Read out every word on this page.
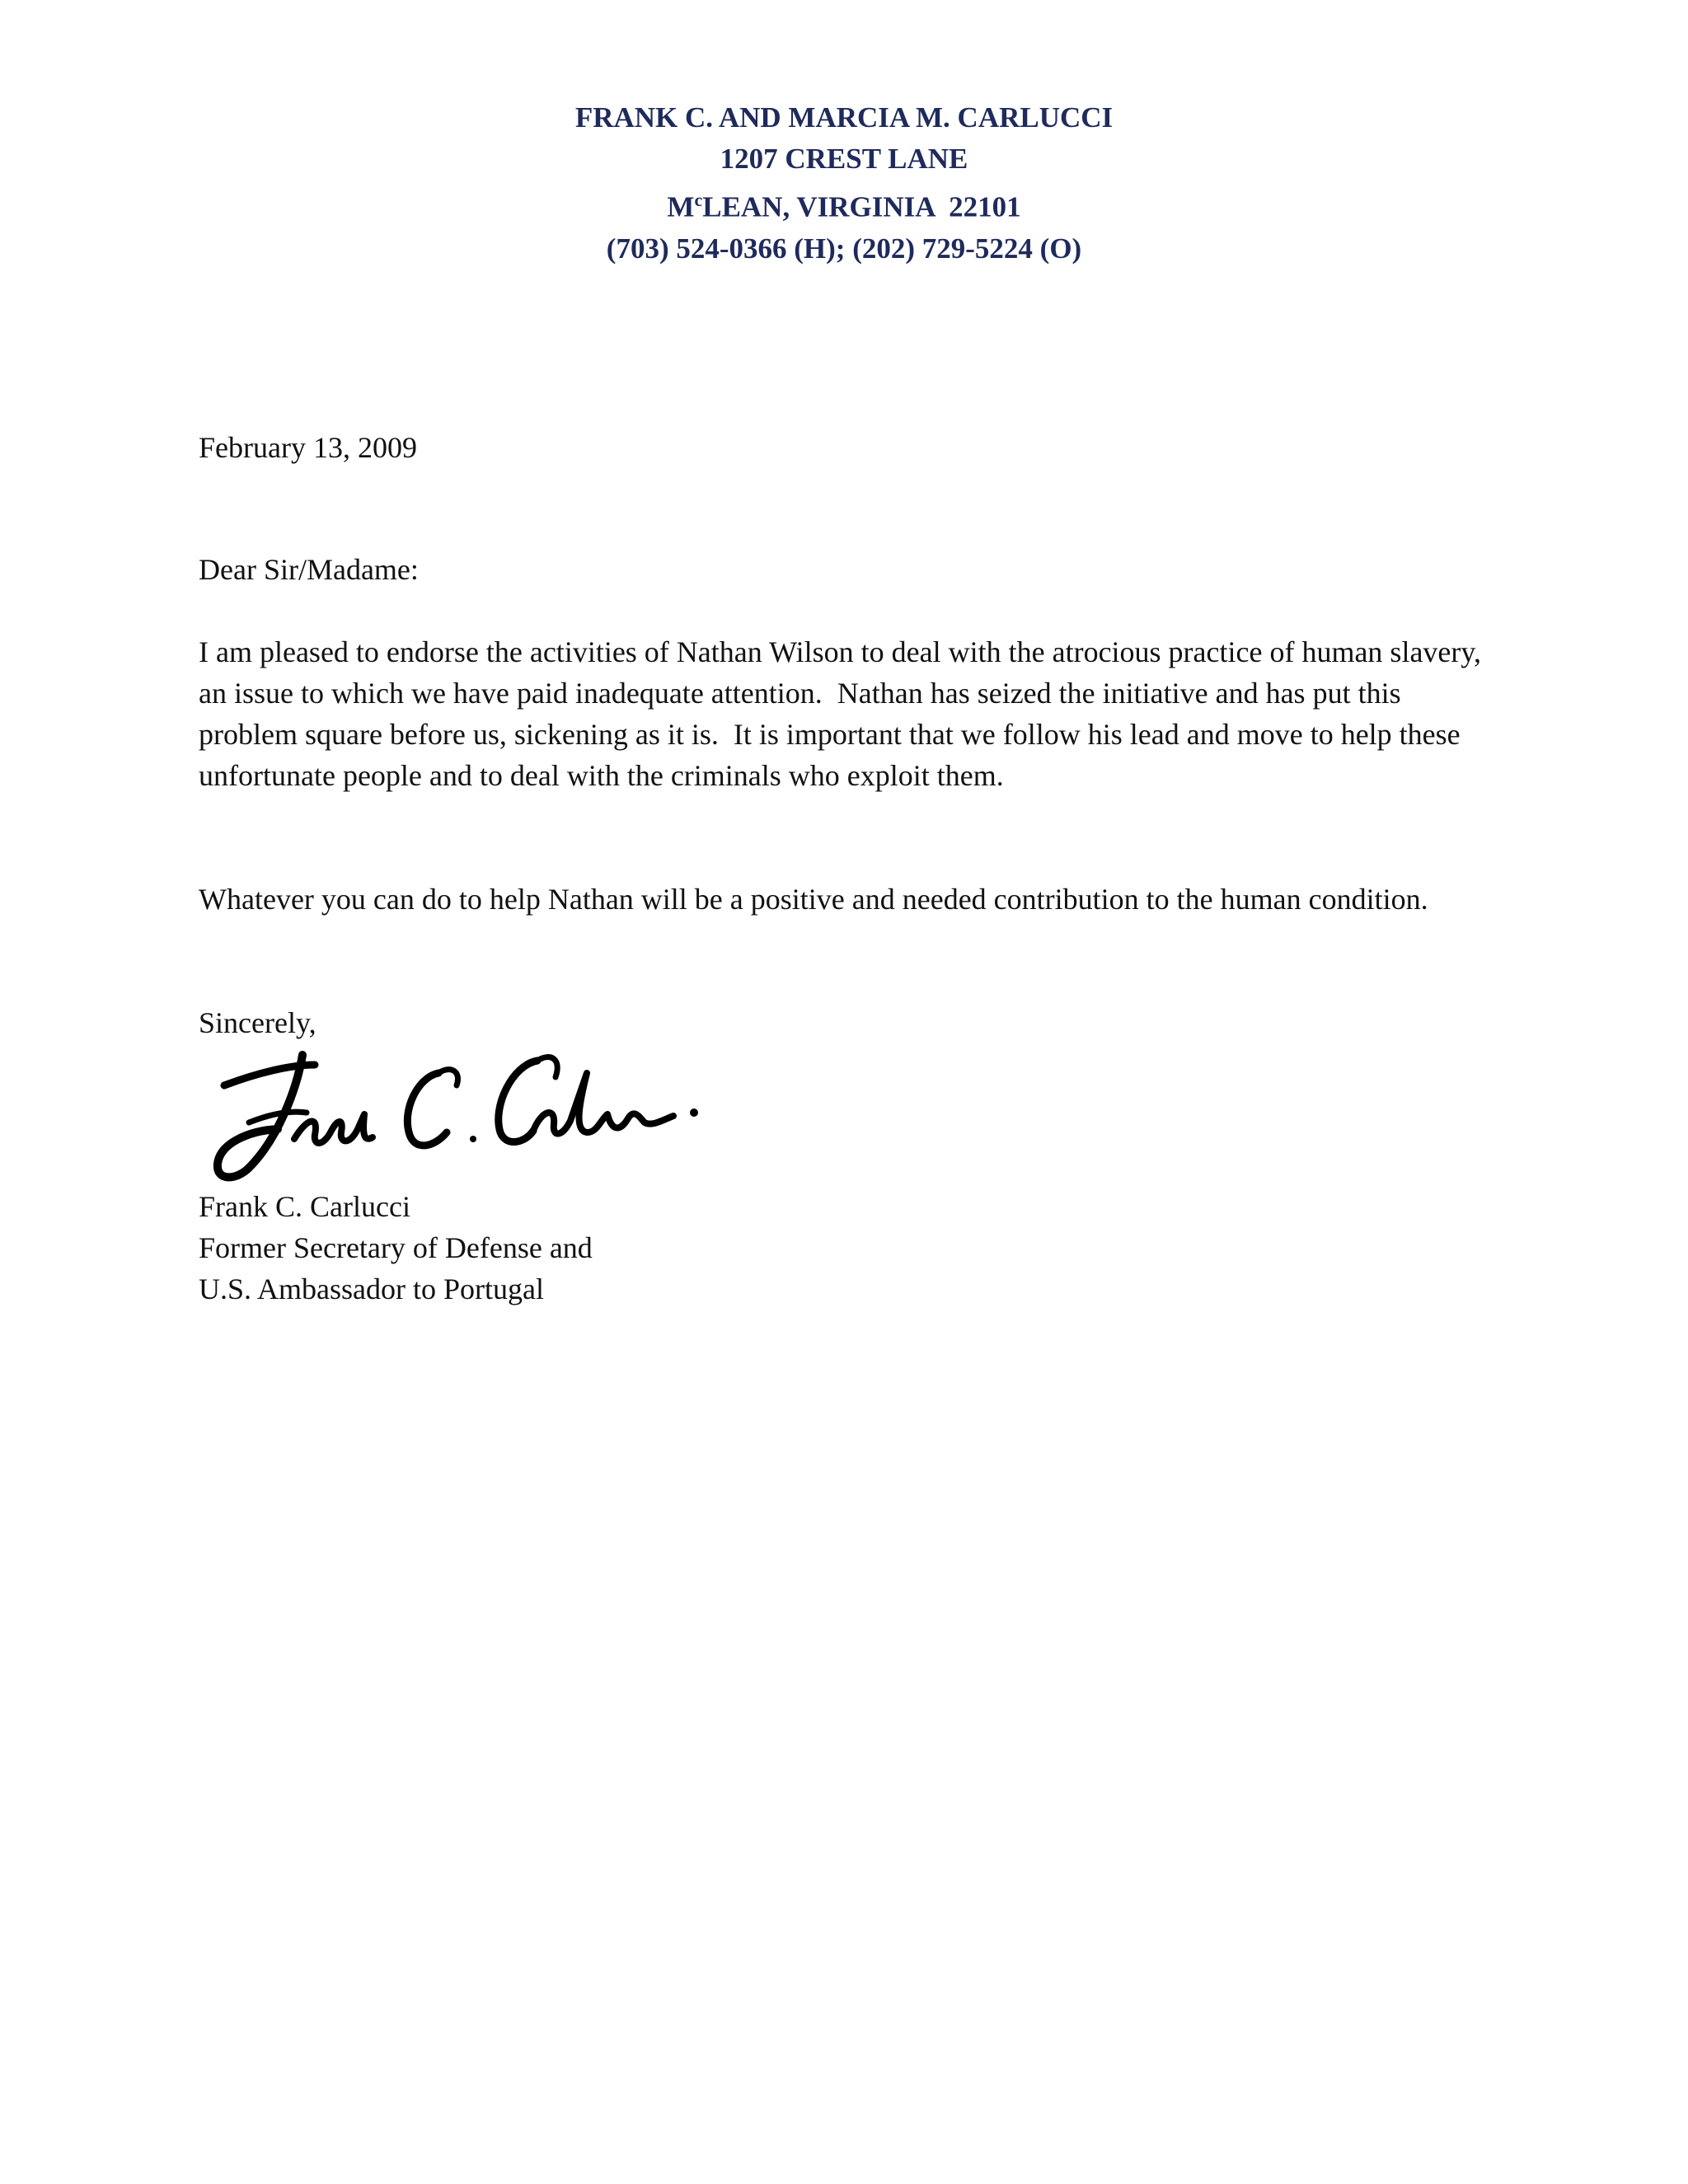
FRANK C. AND MARCIA M. CARLUCCI
1207 CREST LANE
$M^cLEAN$, VIRGINIA  22101
(703) 524-0366 (H); (202) 729-5224 (O)
February 13, 2009
Dear Sir/Madame:
I am pleased to endorse the activities of Nathan Wilson to deal with the atrocious practice of human slavery, an issue to which we have paid inadequate attention.  Nathan has seized the initiative and has put this problem square before us, sickening as it is.  It is important that we follow his lead and move to help these unfortunate people and to deal with the criminals who exploit them.
Whatever you can do to help Nathan will be a positive and needed contribution to the human condition.
Sincerely,
Frank C. Carlucci
Former Secretary of Defense and
U.S. Ambassador to Portugal
